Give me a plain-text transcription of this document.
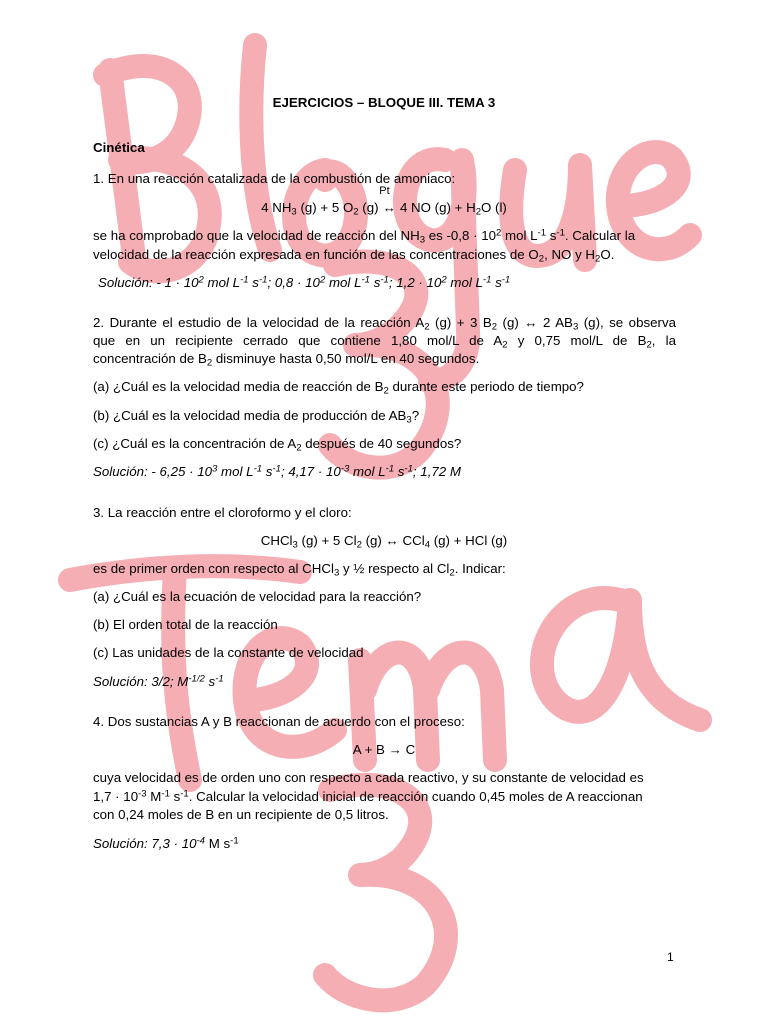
EJERCICIOS – BLOQUE III. TEMA 3
Cinética
1. En una reacción catalizada de la combustión de amoniaco:
4 $NH_3$ (g) + 5 $O_2$ (g)
Pt
↔ 4 NO $(g) + H_2O$ (l)
se ha comprobado que la velocidad de reacción del $NH_3$ es $-0,8 \cdot 10^2$ mol $L^{-1}$ $s^{-1}$. Calcular la
velocidad de la reacción expresada en función de las concentraciones de $O_2$, NO y $H_2O$.
Solución: - $1 \cdot 10^2$ mol $L^{-1}$ $s^{-1}$; $0,8 \cdot 10^2$ mol $L^{-1}$ $s^{-1}$; $1,2 \cdot 10^2$ mol $L^{-1}$ $s^{-1}$
2. Durante el estudio de la velocidad de la reacción $A_2$ (g) + 3 $B_2$ (g) ↔ 2 $AB_3$ (g), se observa
que en un recipiente cerrado que contiene 1,80 mol/L de $A_2$ y 0,75 mol/L de $B_2$, la
concentración de $B_2$ disminuye hasta 0,50 mol/L en 40 segundos.
(a) ¿Cuál es la velocidad media de reacción de $B_2$ durante este periodo de tiempo?
(b) ¿Cuál es la velocidad media de producción de $AB_3$?
(c) ¿Cuál es la concentración de $A_2$ después de 40 segundos?
Solución: - $6,25 \cdot 10^3$ mol $L^{-1}$ $s^{-1}$; $4,17 \cdot 10^{-3}$ mol $L^{-1}$ $s^{-1}$; 1,72 M
3. La reacción entre el cloroformo y el cloro:
CHCl$_3$ (g) + 5 $Cl_2$ (g) ↔ CCl$_4$ (g) + HCl (g)
es de primer orden con respecto al CHCl$_3$ y ½ respecto al $Cl_2$. Indicar:
(a) ¿Cuál es la ecuación de velocidad para la reacción?
(b) El orden total de la reacción
(c) Las unidades de la constante de velocidad
Solución: 3/2; $M^{-1/2}$ $s^{-1}$
4. Dos sustancias A y B reaccionan de acuerdo con el proceso:
A + B → C
cuya velocidad es de orden uno con respecto a cada reactivo, y su constante de velocidad es
$1,7 \cdot 10^{-3}$ $M^{-1}$ $s^{-1}$. Calcular la velocidad inicial de reacción cuando 0,45 moles de A reaccionan
con 0,24 moles de B en un recipiente de 0,5 litros.
Solución: $7,3 \cdot 10^{-4}$ M $s^{-1}$
1
